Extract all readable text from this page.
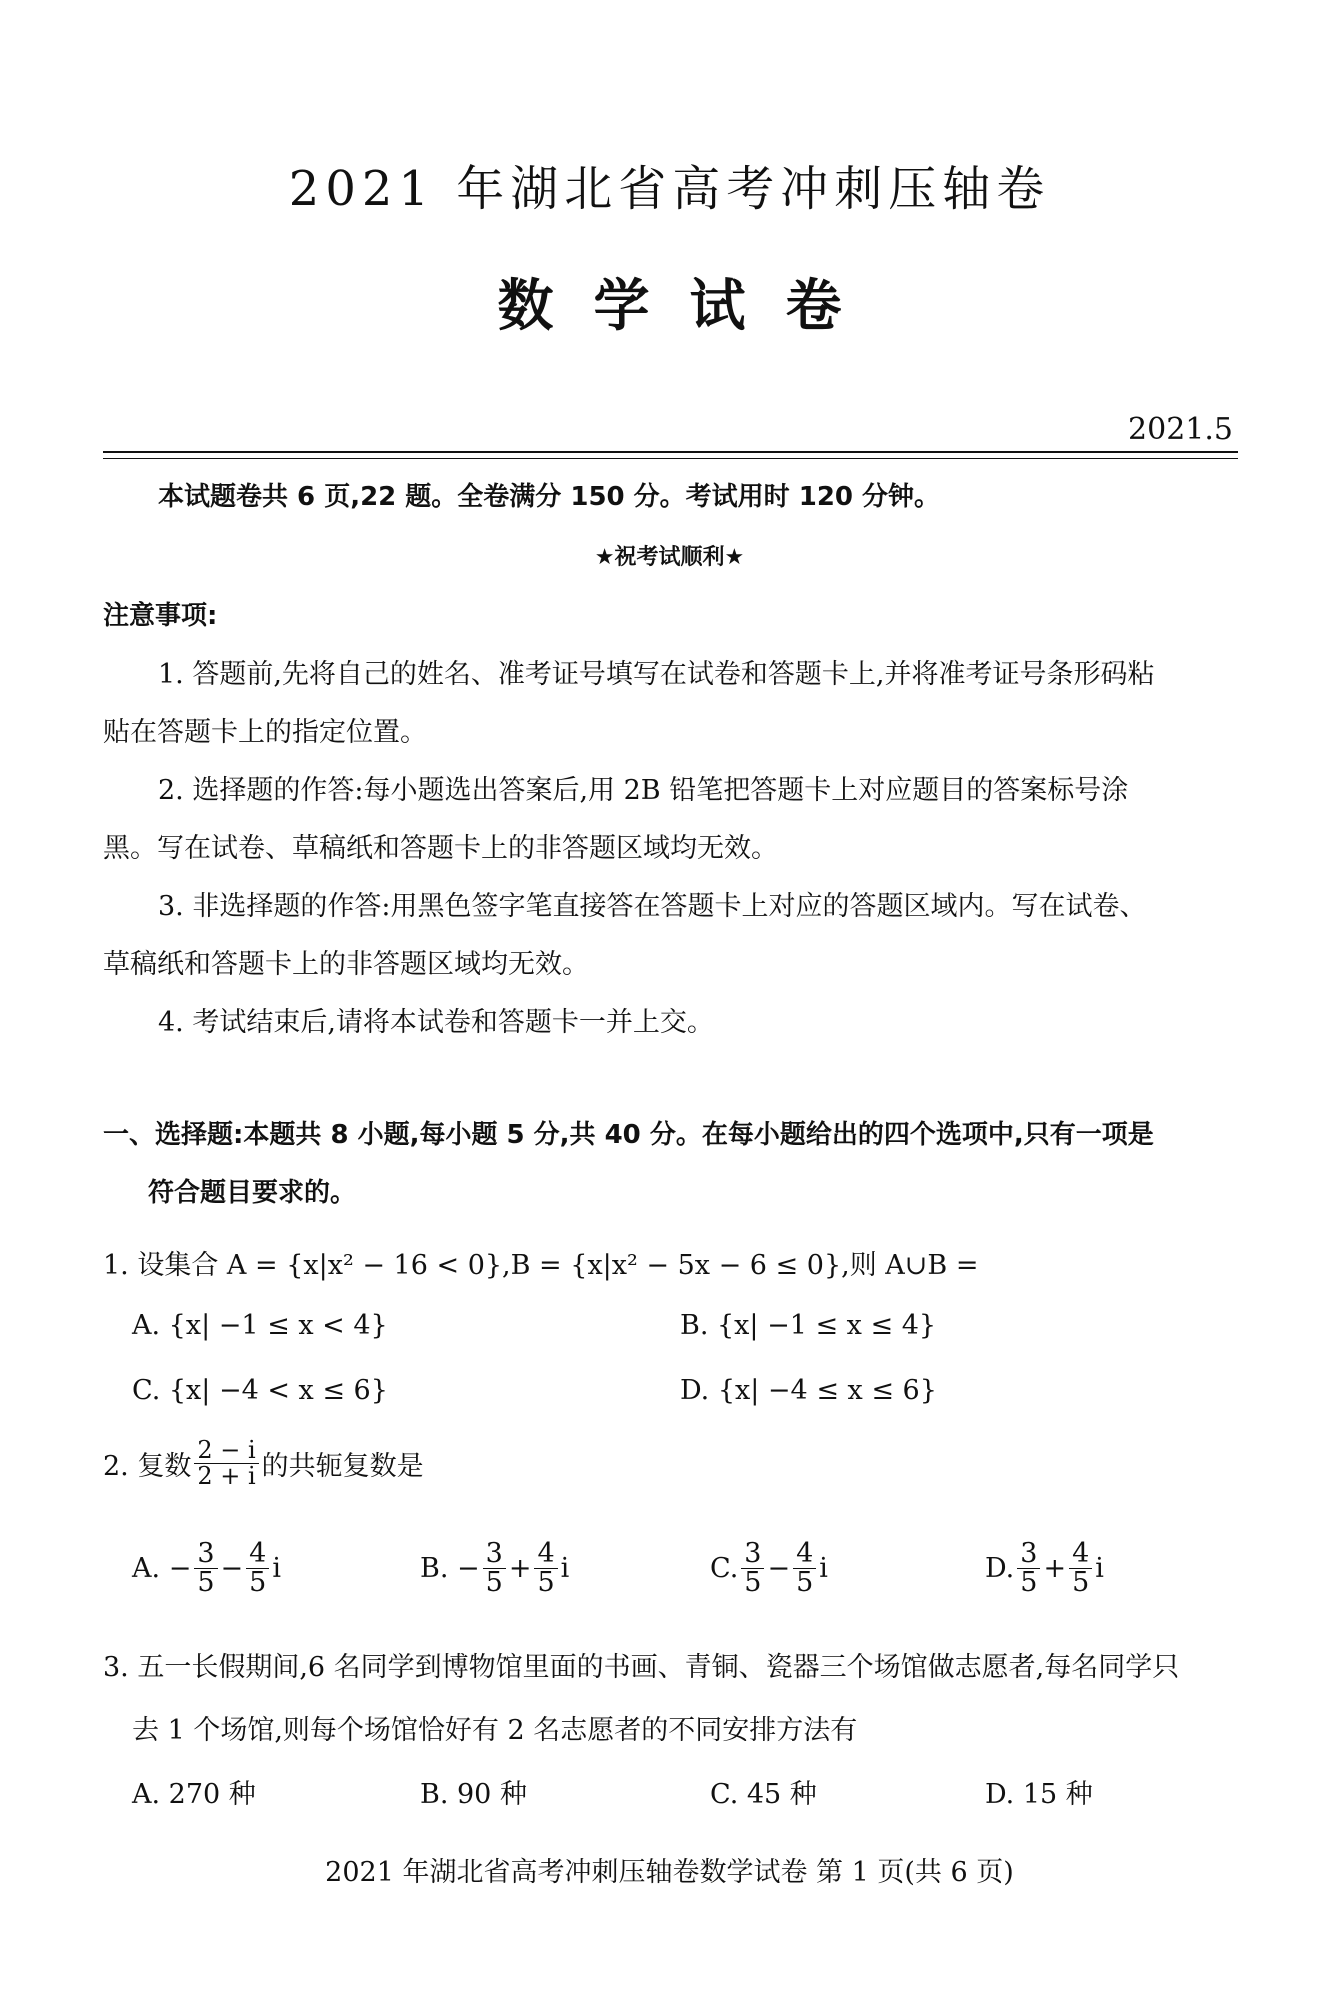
2021 年湖北省高考冲刺压轴卷
数学试卷
2021.5
本试题卷共 6 页,22 题。全卷满分 150 分。考试用时 120 分钟。
★祝考试顺利★
注意事项:
1. 答题前,先将自己的姓名、准考证号填写在试卷和答题卡上,并将准考证号条形码粘
贴在答题卡上的指定位置。
2. 选择题的作答:每小题选出答案后,用 2B 铅笔把答题卡上对应题目的答案标号涂
黑。写在试卷、草稿纸和答题卡上的非答题区域均无效。
3. 非选择题的作答:用黑色签字笔直接答在答题卡上对应的答题区域内。写在试卷、
草稿纸和答题卡上的非答题区域均无效。
4. 考试结束后,请将本试卷和答题卡一并上交。
一、选择题:本题共 8 小题,每小题 5 分,共 40 分。在每小题给出的四个选项中,只有一项是
符合题目要求的。
1. 设集合 A = {x|x² − 16 < 0},B = {x|x² − 5x − 6 ≤ 0},则 A∪B =
A. {x| −1 ≤ x < 4}	B. {x| −1 ≤ x ≤ 4}
C. {x| −4 < x ≤ 6}	D. {x| −4 ≤ x ≤ 6}
2. 复数 $\frac{2 - i}{2 + i}$ 的共轭复数是
A.
− $\frac{3}{5} - \frac{4}{5}$ i	B.
− $\frac{3}{5} + \frac{4}{5}$ i	C. $\frac{3}{5} - \frac{4}{5}$ i	D. $\frac{3}{5} + \frac{4}{5}$ i
3. 五一长假期间,6 名同学到博物馆里面的书画、青铜、瓷器三个场馆做志愿者,每名同学只
去 1 个场馆,则每个场馆恰好有 2 名志愿者的不同安排方法有
A. 270 种	B. 90 种	C. 45 种	D. 15 种
2021 年湖北省高考冲刺压轴卷数学试卷 第 1 页(共 6 页)
